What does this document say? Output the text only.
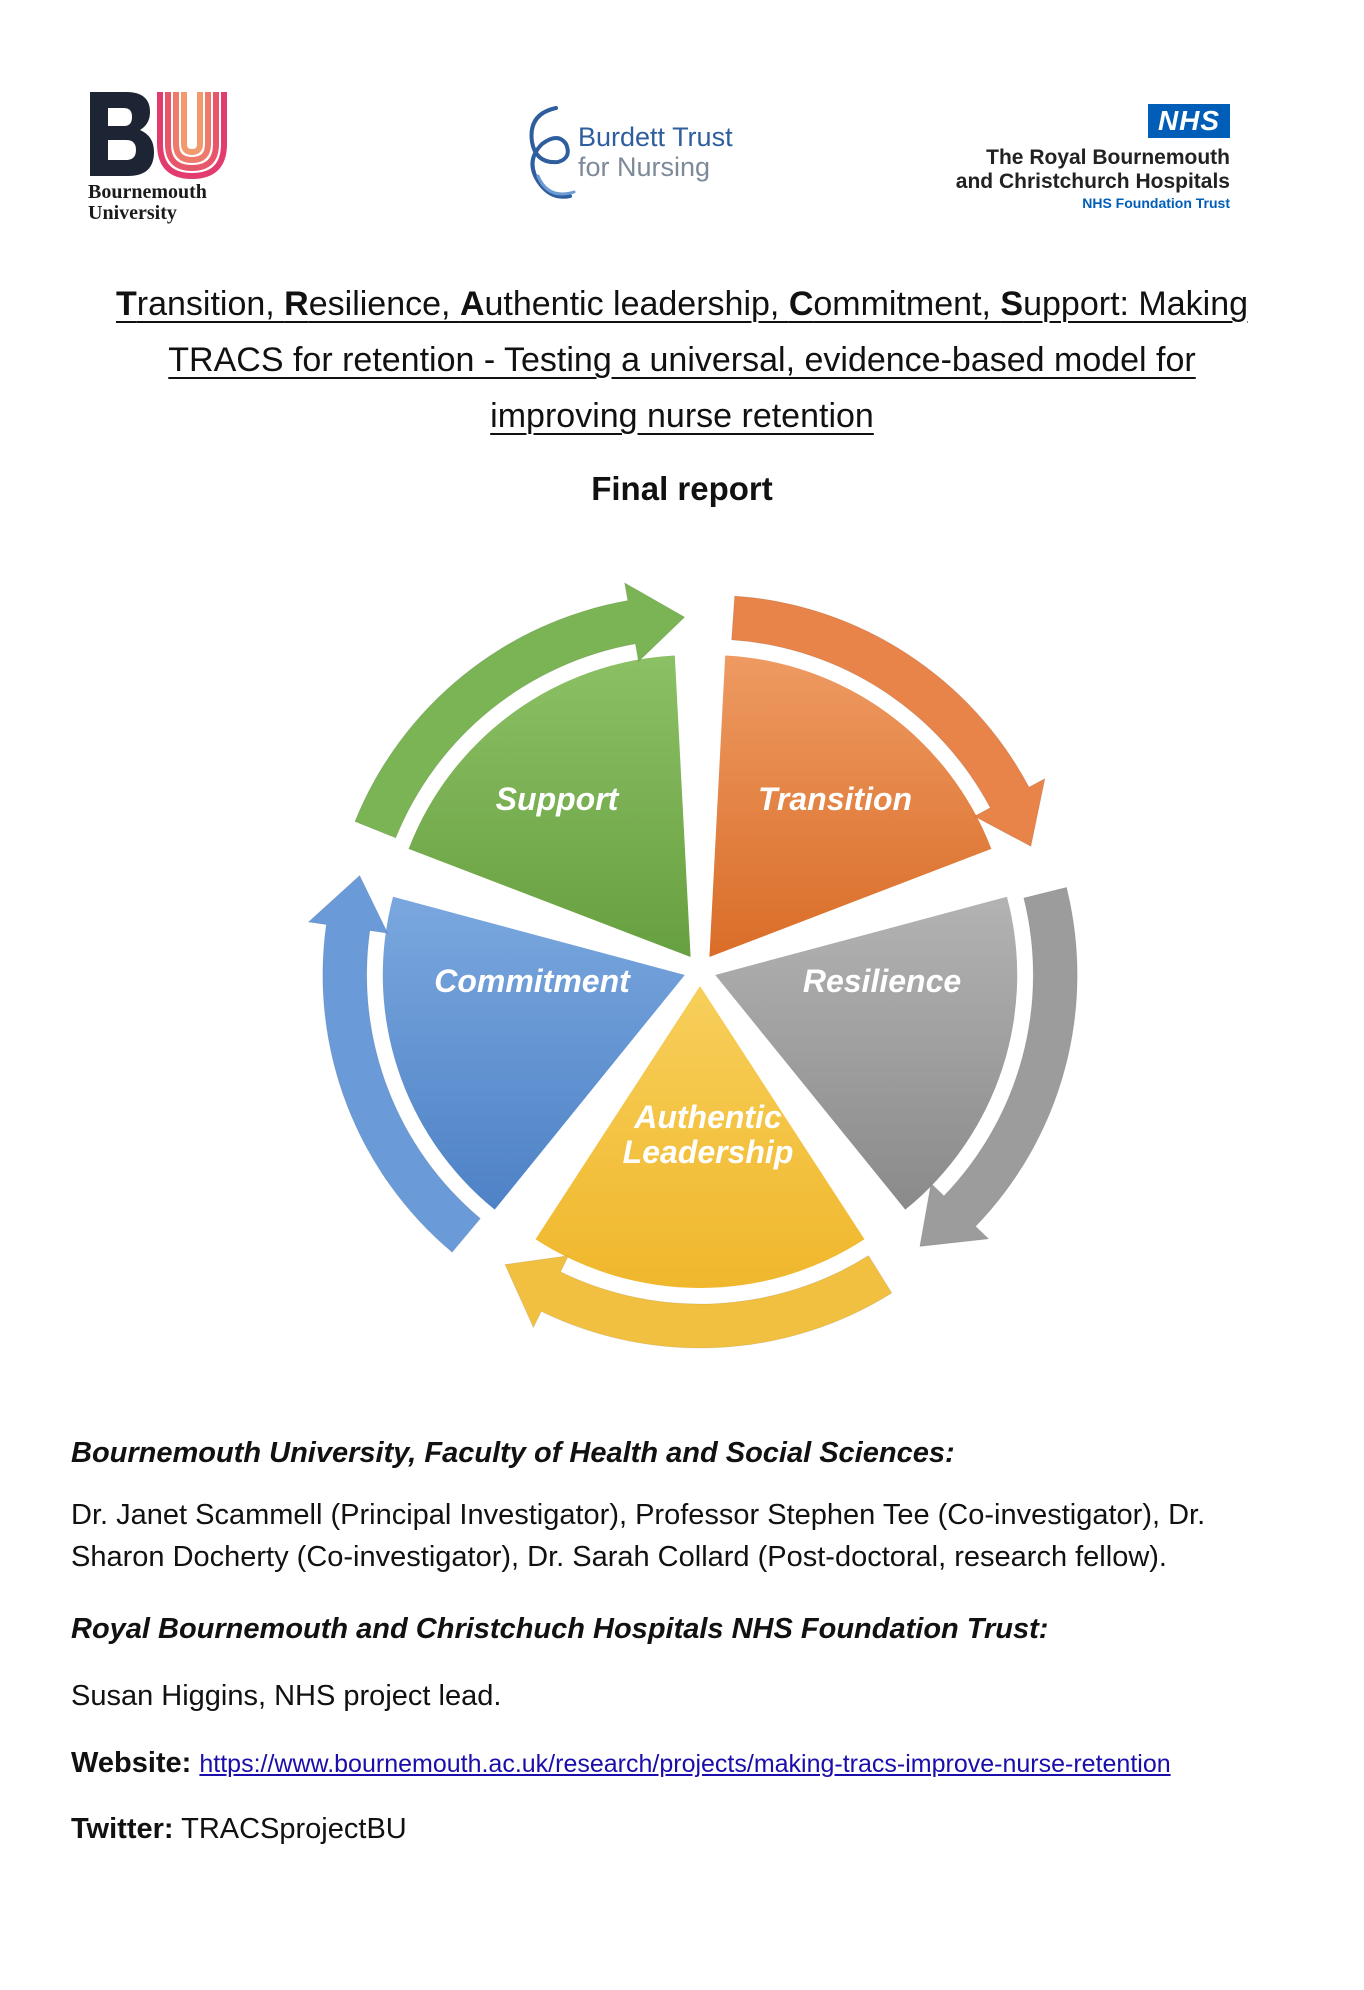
Bournemouth
University
Burdett Trust
for Nursing
NHS
The Royal Bournemouth
and Christchurch Hospitals
NHS Foundation Trust
Transition, Resilience, Authentic leadership, Commitment, Support: Making
TRACS for retention - Testing a universal, evidence-based model for
improving nurse retention
Final report
Transition
Resilience
Authentic
Leadership
Commitment
Support
Bournemouth University, Faculty of Health and Social Sciences:
Dr. Janet Scammell (Principal Investigator), Professor Stephen Tee (Co-investigator), Dr. Sharon Docherty (Co-investigator), Dr. Sarah Collard (Post-doctoral, research fellow).
Royal Bournemouth and Christchuch Hospitals NHS Foundation Trust:
Susan Higgins, NHS project lead.
Website: https://www.bournemouth.ac.uk/research/projects/making-tracs-improve-nurse-retention
Twitter: TRACSprojectBU
